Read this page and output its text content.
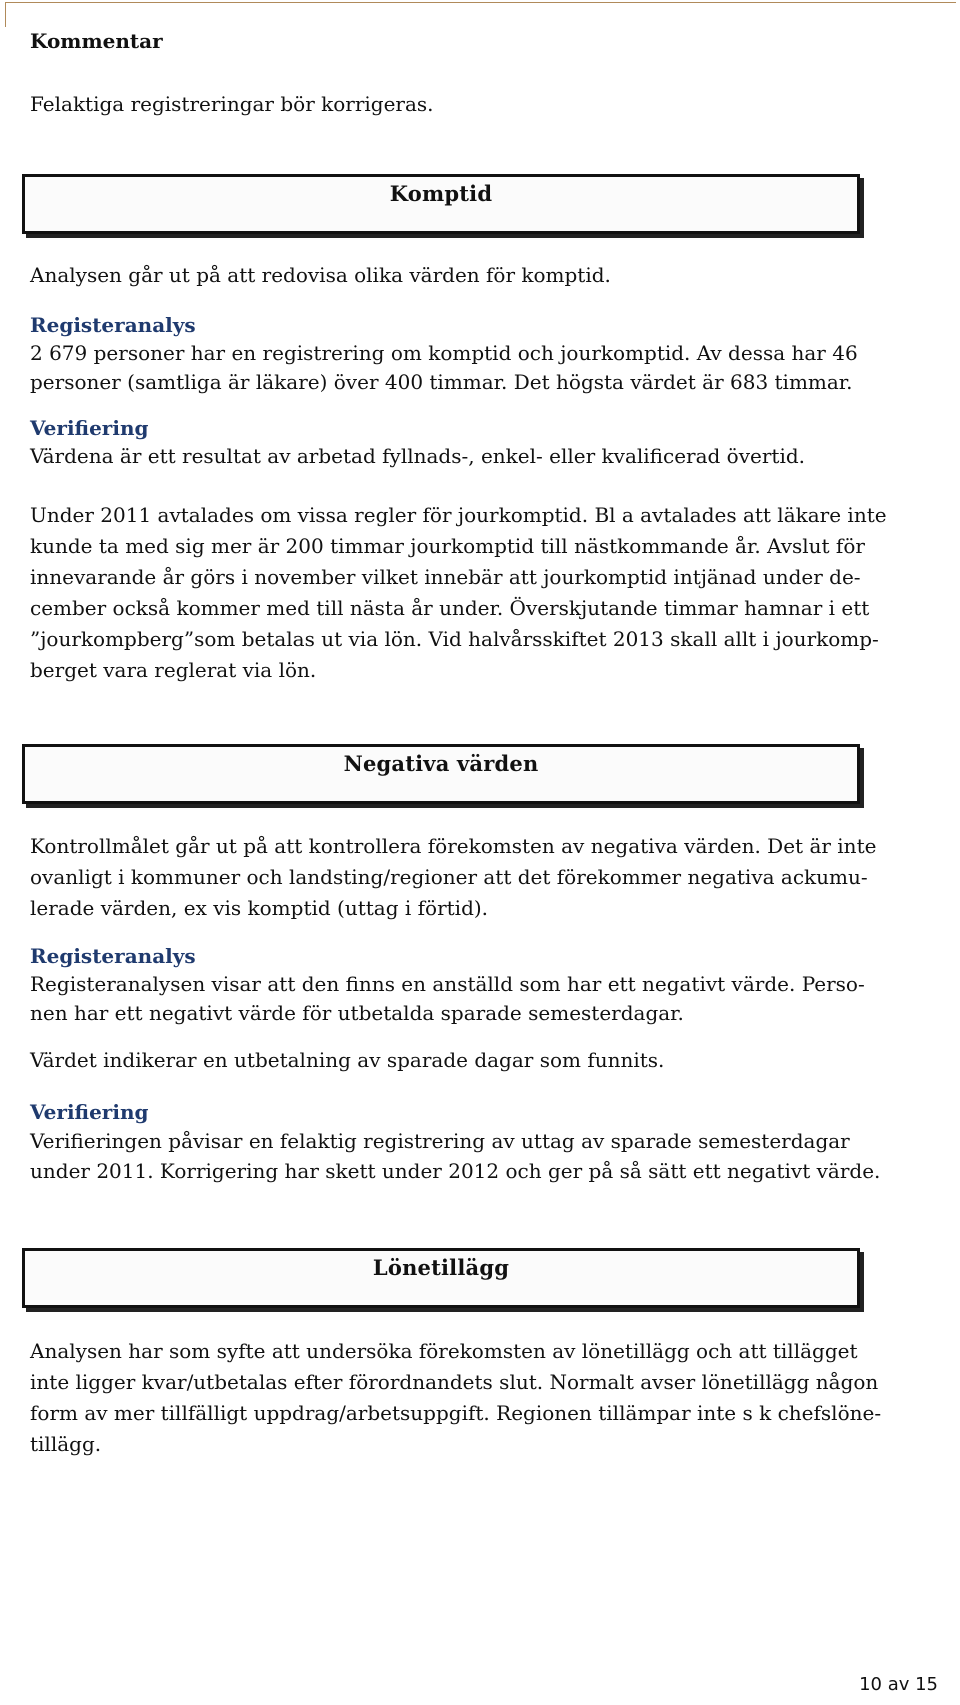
Kommentar

Felaktiga registreringar bör korrigeras.

Komptid

Analysen går ut på att redovisa olika värden för komptid.

Registeranalys

2 679 personer har en registrering om komptid och jourkomptid. Av dessa har 46

personer (samtliga är läkare) över 400 timmar. Det högsta värdet är 683 timmar.

Verifiering

Värdena är ett resultat av arbetad fyllnads-, enkel- eller kvalificerad övertid.

Under 2011 avtalades om vissa regler för jourkomptid. Bl a avtalades att läkare inte

kunde ta med sig mer är 200 timmar jourkomptid till nästkommande år. Avslut för

innevarande år görs i november vilket innebär att jourkomptid intjänad under de-

cember också kommer med till nästa år under. Överskjutande timmar hamnar i ett

”jourkompberg”som betalas ut via lön. Vid halvårsskiftet 2013 skall allt i jourkomp-

berget vara reglerat via lön.

Negativa värden

Kontrollmålet går ut på att kontrollera förekomsten av negativa värden. Det är inte

ovanligt i kommuner och landsting/regioner att det förekommer negativa ackumu-

lerade värden, ex vis komptid (uttag i förtid).

Registeranalys

Registeranalysen visar att den finns en anställd som har ett negativt värde. Perso-

nen har ett negativt värde för utbetalda sparade semesterdagar.

Värdet indikerar en utbetalning av sparade dagar som funnits.

Verifiering

Verifieringen påvisar en felaktig registrering av uttag av sparade semesterdagar

under 2011. Korrigering har skett under 2012 och ger på så sätt ett negativt värde.

Lönetillägg

Analysen har som syfte att undersöka förekomsten av lönetillägg och att tillägget

inte ligger kvar/utbetalas efter förordnandets slut. Normalt avser lönetillägg någon

form av mer tillfälligt uppdrag/arbetsuppgift. Regionen tillämpar inte s k chefslöne-

tillägg.

10 av 15
